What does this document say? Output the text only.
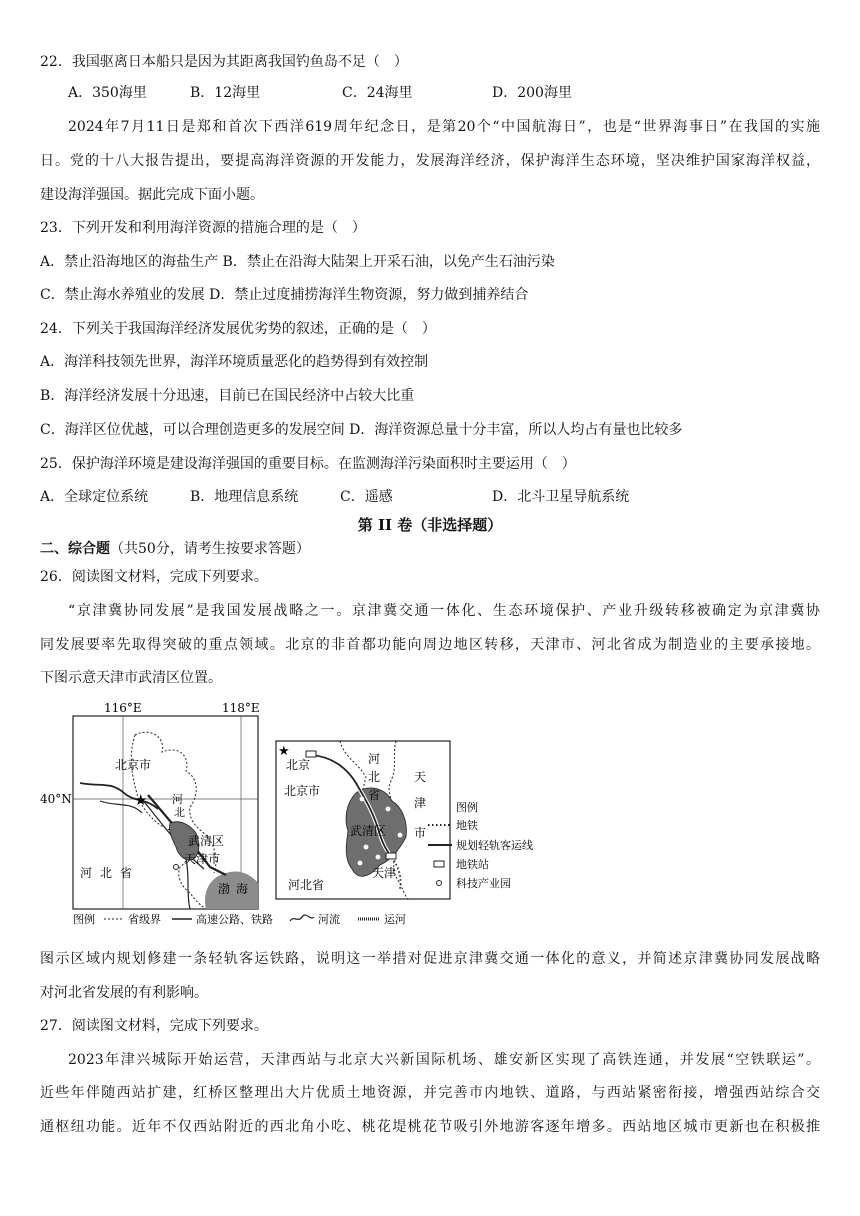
22．我国驱离日本船只是因为其距离我国钓鱼岛不足（　）
A．350海里	B．12海里	C．24海里	D．200海里
2024年7月11日是郑和首次下西洋619周年纪念日，是第20个“中国航海日”，也是“世界海事日”在我国的实施
日。党的十八大报告提出，要提高海洋资源的开发能力，发展海洋经济，保护海洋生态环境，坚决维护国家海洋权益，
建设海洋强国。据此完成下面小题。
23．下列开发和利用海洋资源的措施合理的是（　）
A．禁止沿海地区的海盐生产 B．禁止在沿海大陆架上开采石油，以免产生石油污染
C．禁止海水养殖业的发展 D．禁止过度捕捞海洋生物资源，努力做到捕养结合
24．下列关于我国海洋经济发展优劣势的叙述，正确的是（　）
A．海洋科技领先世界，海洋环境质量恶化的趋势得到有效控制
B．海洋经济发展十分迅速，目前已在国民经济中占较大比重
C．海洋区位优越，可以合理创造更多的发展空间 D．海洋资源总量十分丰富，所以人均占有量也比较多
25．保护海洋环境是建设海洋强国的重要目标。在监测海洋污染面积时主要运用（　）
A．全球定位系统	B．地理信息系统	C．遥感	D．北斗卫星导航系统
第 II 卷（非选择题）
二、综合题（共50分，请考生按要求答题）
26．阅读图文材料，完成下列要求。
“京津冀协同发展”是我国发展战略之一。京津冀交通一体化、生态环境保护、产业升级转移被确定为京津冀协
同发展要率先取得突破的重点领域。北京的非首都功能向周边地区转移，天津市、河北省成为制造业的主要承接地。
下图示意天津市武清区位置。
116°E	118°E
40°N	★
北京市
河
北
武清区
天津市
河北省
渤海
图例	省级界	高速公路、铁路	河流	运河
★
北京
北京市
河
北
省
天
津
市
武清区
河北省
天津
图例
地铁
规划轻轨客运线
地铁站
科技产业园
图示区域内规划修建一条轻轨客运铁路，说明这一举措对促进京津冀交通一体化的意义，并简述京津冀协同发展战略
对河北省发展的有利影响。
27．阅读图文材料，完成下列要求。
2023年津兴城际开始运营，天津西站与北京大兴新国际机场、雄安新区实现了高铁连通，并发展“空铁联运”。
近些年伴随西站扩建，红桥区整理出大片优质土地资源，并完善市内地铁、道路，与西站紧密衔接，增强西站综合交
通枢纽功能。近年不仅西站附近的西北角小吃、桃花堤桃花节吸引外地游客逐年增多。西站地区城市更新也在积极推
